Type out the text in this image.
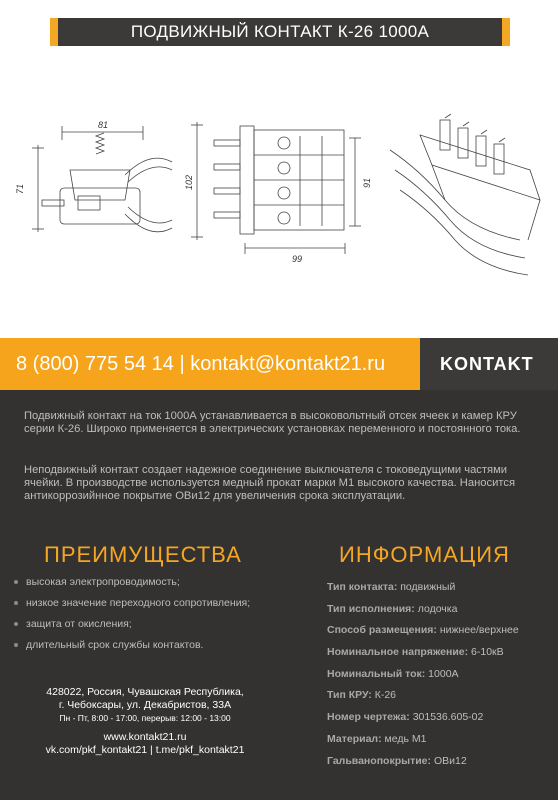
ПОДВИЖНЫЙ КОНТАКТ К-26 1000А
81
71	102	91
99
8 (800) 775 54 14 | kontakt@kontakt21.ru	KONTAKT
Подвижный контакт на ток 1000А устанавливается в высоковольтный отсек ячеек и камер КРУ серии К-26. Широко применяется в электрических установках переменного и постоянного тока.
Неподвижный контакт создает надежное соединение выключателя с токоведущими частями ячейки. В производстве используется медный прокат марки М1 высокого качества. Наносится антикоррозийнное покрытие ОВи12 для увеличения срока эксплуатации.
ПРЕИМУЩЕСТВА	ИНФОРМАЦИЯ
высокая электропроводимость;
низкое значение переходного сопротивления;
защита от окисления;
длительный срок службы контактов.
Тип контакта: подвижный
Тип исполнения: лодочка
Способ размещения: нижнее/верхнее
Номинальное напряжение: 6-10кВ
Номинальный ток: 1000А
Тип КРУ: К-26
Номер чертежа: 301536.605-02
Материал: медь М1
Гальванопокрытие: ОВи12
428022, Россия, Чувашская Республика,
г. Чебоксары, ул. Декабристов, 33А
Пн - Пт, 8:00 - 17:00, перерыв: 12:00 - 13:00
www.kontakt21.ru
vk.com/pkf_kontakt21 | t.me/pkf_kontakt21
